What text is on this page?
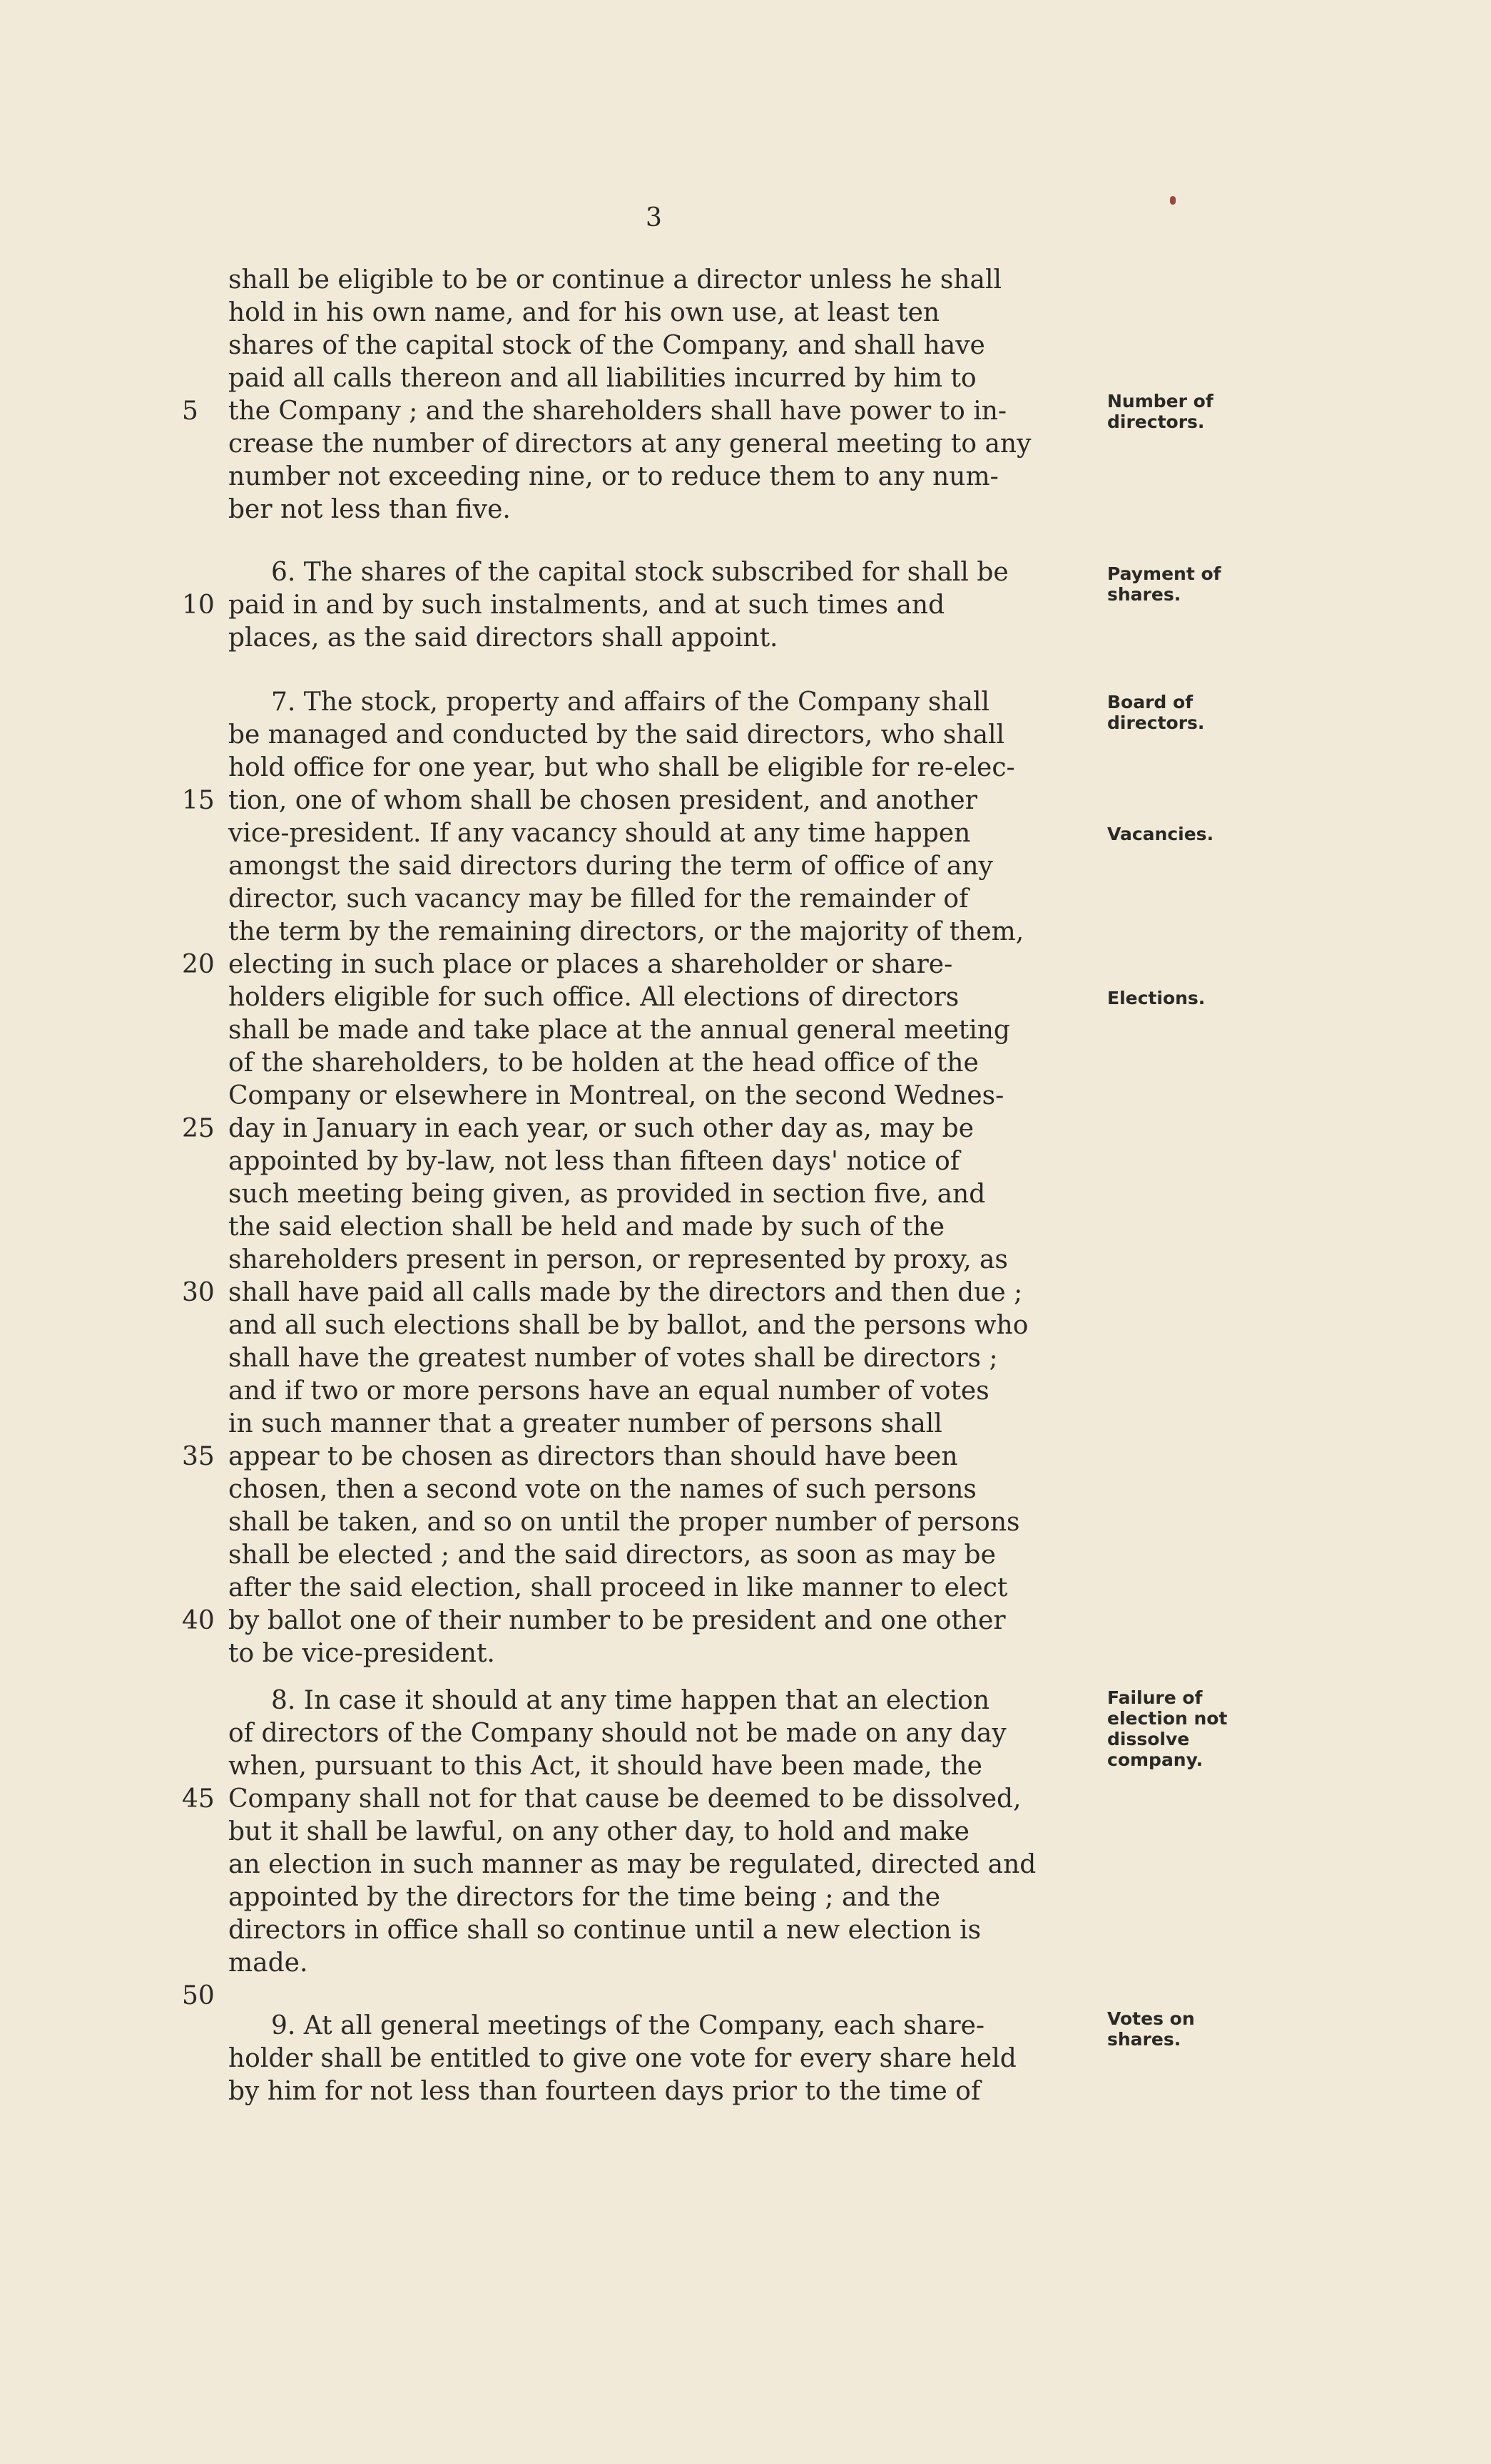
3
shall be eligible to be or continue a director unless he shall
hold in his own name, and for his own use, at least ten
shares of the capital stock of the Company, and shall have
paid all calls thereon and all liabilities incurred by him to
the Company ; and the shareholders shall have power to in-
crease the number of directors at any general meeting to any
number not exceeding nine, or to reduce them to any num-
ber not less than five.
6. The shares of the capital stock subscribed for shall be
paid in and by such instalments, and at such times and
places, as the said directors shall appoint.
7. The stock, property and affairs of the Company shall
be managed and conducted by the said directors, who shall
hold office for one year, but who shall be eligible for re-elec-
tion, one of whom shall be chosen president, and another
vice-president. If any vacancy should at any time happen
amongst the said directors during the term of office of any
director, such vacancy may be filled for the remainder of
the term by the remaining directors, or the majority of them,
electing in such place or places a shareholder or share-
holders eligible for such office. All elections of directors
shall be made and take place at the annual general meeting
of the shareholders, to be holden at the head office of the
Company or elsewhere in Montreal, on the second Wednes-
day in January in each year, or such other day as, may be
appointed by by-law, not less than fifteen days' notice of
such meeting being given, as provided in section five, and
the said election shall be held and made by such of the
shareholders present in person, or represented by proxy, as
shall have paid all calls made by the directors and then due ;
and all such elections shall be by ballot, and the persons who
shall have the greatest number of votes shall be directors ;
and if two or more persons have an equal number of votes
in such manner that a greater number of persons shall
appear to be chosen as directors than should have been
chosen, then a second vote on the names of such persons
shall be taken, and so on until the proper number of persons
shall be elected ; and the said directors, as soon as may be
after the said election, shall proceed in like manner to elect
by ballot one of their number to be president and one other
to be vice-president.
8. In case it should at any time happen that an election
of directors of the Company should not be made on any day
when, pursuant to this Act, it should have been made, the
Company shall not for that cause be deemed to be dissolved,
but it shall be lawful, on any other day, to hold and make
an election in such manner as may be regulated, directed and
appointed by the directors for the time being ; and the
directors in office shall so continue until a new election is
made.
9. At all general meetings of the Company, each share-
holder shall be entitled to give one vote for every share held
by him for not less than fourteen days prior to the time of
5
10
15
20
25
30
35
40
45
50
Number of
directors.
Payment of
shares.
Board of
directors.
Vacancies.
Elections.
Failure of
election not
dissolve
company.
Votes on
shares.
